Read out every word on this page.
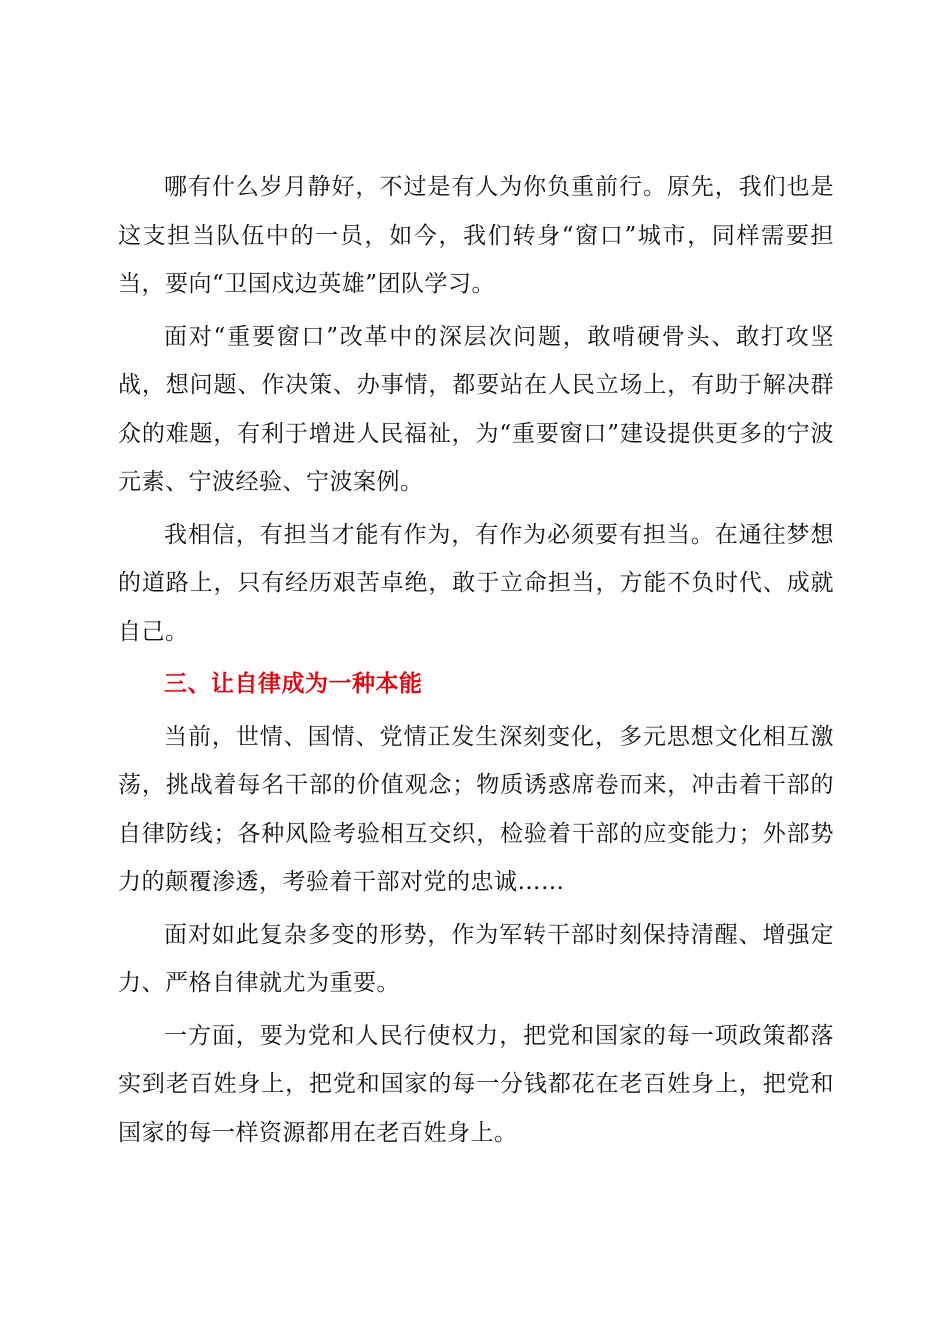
哪有什么岁月静好，不过是有人为你负重前行。原先，我们也是这支担当队伍中的一员，如今，我们转身“窗口”城市，同样需要担当，要向“卫国戍边英雄”团队学习。

面对“重要窗口”改革中的深层次问题，敢啃硬骨头、敢打攻坚战，想问题、作决策、办事情，都要站在人民立场上，有助于解决群众的难题，有利于增进人民福祉，为“重要窗口”建设提供更多的宁波元素、宁波经验、宁波案例。

我相信，有担当才能有作为，有作为必须要有担当。在通往梦想的道路上，只有经历艰苦卓绝，敢于立命担当，方能不负时代、成就自己。

三、让自律成为一种本能

当前，世情、国情、党情正发生深刻变化，多元思想文化相互激荡，挑战着每名干部的价值观念；物质诱惑席卷而来，冲击着干部的自律防线；各种风险考验相互交织，检验着干部的应变能力；外部势力的颠覆渗透，考验着干部对党的忠诚……

面对如此复杂多变的形势，作为军转干部时刻保持清醒、增强定力、严格自律就尤为重要。

一方面，要为党和人民行使权力，把党和国家的每一项政策都落实到老百姓身上，把党和国家的每一分钱都花在老百姓身上，把党和国家的每一样资源都用在老百姓身上。
